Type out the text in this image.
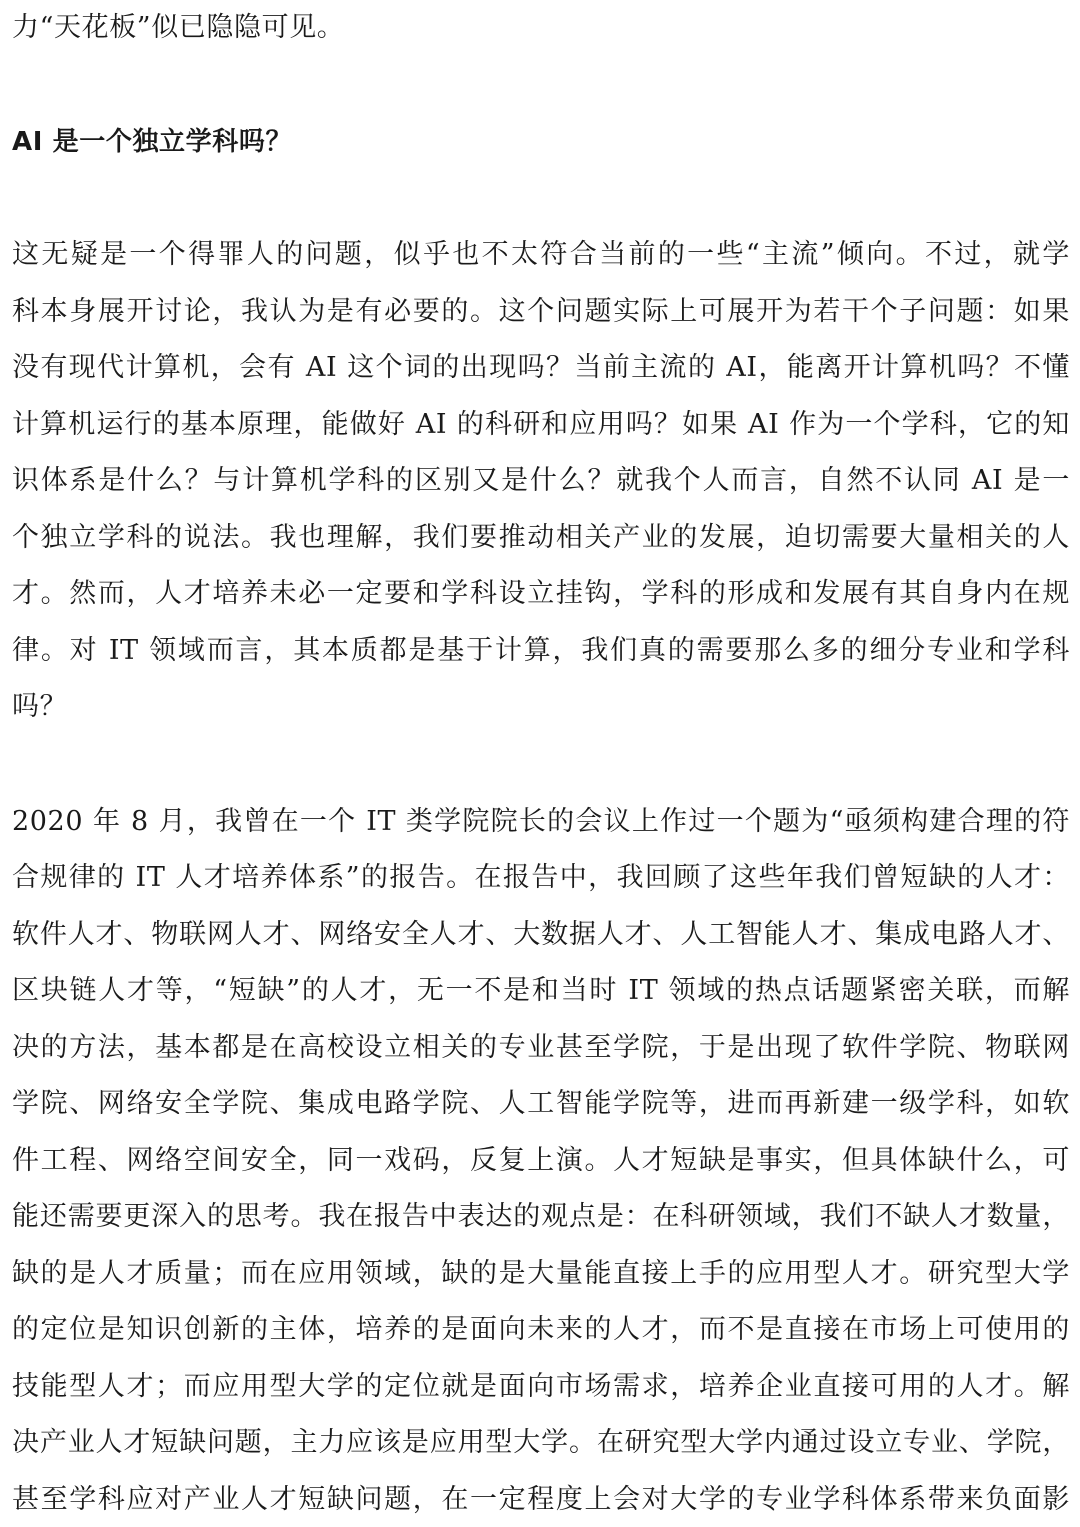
力“天花板”似已隐隐可见。
AI 是一个独立学科吗？
这无疑是一个得罪人的问题，似乎也不太符合当前的一些“主流”倾向。不过，就学
科本身展开讨论，我认为是有必要的。这个问题实际上可展开为若干个子问题：如果
没有现代计算机，会有 AI 这个词的出现吗？当前主流的 AI，能离开计算机吗？不懂
计算机运行的基本原理，能做好 AI 的科研和应用吗？如果 AI 作为一个学科，它的知
识体系是什么？与计算机学科的区别又是什么？就我个人而言，自然不认同 AI 是一
个独立学科的说法。我也理解，我们要推动相关产业的发展，迫切需要大量相关的人
才。然而，人才培养未必一定要和学科设立挂钩，学科的形成和发展有其自身内在规
律。对 IT 领域而言，其本质都是基于计算，我们真的需要那么多的细分专业和学科
吗？
2020 年 8 月，我曾在一个 IT 类学院院长的会议上作过一个题为“亟须构建合理的符
合规律的 IT 人才培养体系”的报告。在报告中，我回顾了这些年我们曾短缺的人才：
软件人才、物联网人才、网络安全人才、大数据人才、人工智能人才、集成电路人才、
区块链人才等，“短缺”的人才，无一不是和当时 IT 领域的热点话题紧密关联，而解
决的方法，基本都是在高校设立相关的专业甚至学院，于是出现了软件学院、物联网
学院、网络安全学院、集成电路学院、人工智能学院等，进而再新建一级学科，如软
件工程、网络空间安全，同一戏码，反复上演。人才短缺是事实，但具体缺什么，可
能还需要更深入的思考。我在报告中表达的观点是：在科研领域，我们不缺人才数量，
缺的是人才质量；而在应用领域，缺的是大量能直接上手的应用型人才。研究型大学
的定位是知识创新的主体，培养的是面向未来的人才，而不是直接在市场上可使用的
技能型人才；而应用型大学的定位就是面向市场需求，培养企业直接可用的人才。解
决产业人才短缺问题，主力应该是应用型大学。在研究型大学内通过设立专业、学院，
甚至学科应对产业人才短缺问题，在一定程度上会对大学的专业学科体系带来负面影
